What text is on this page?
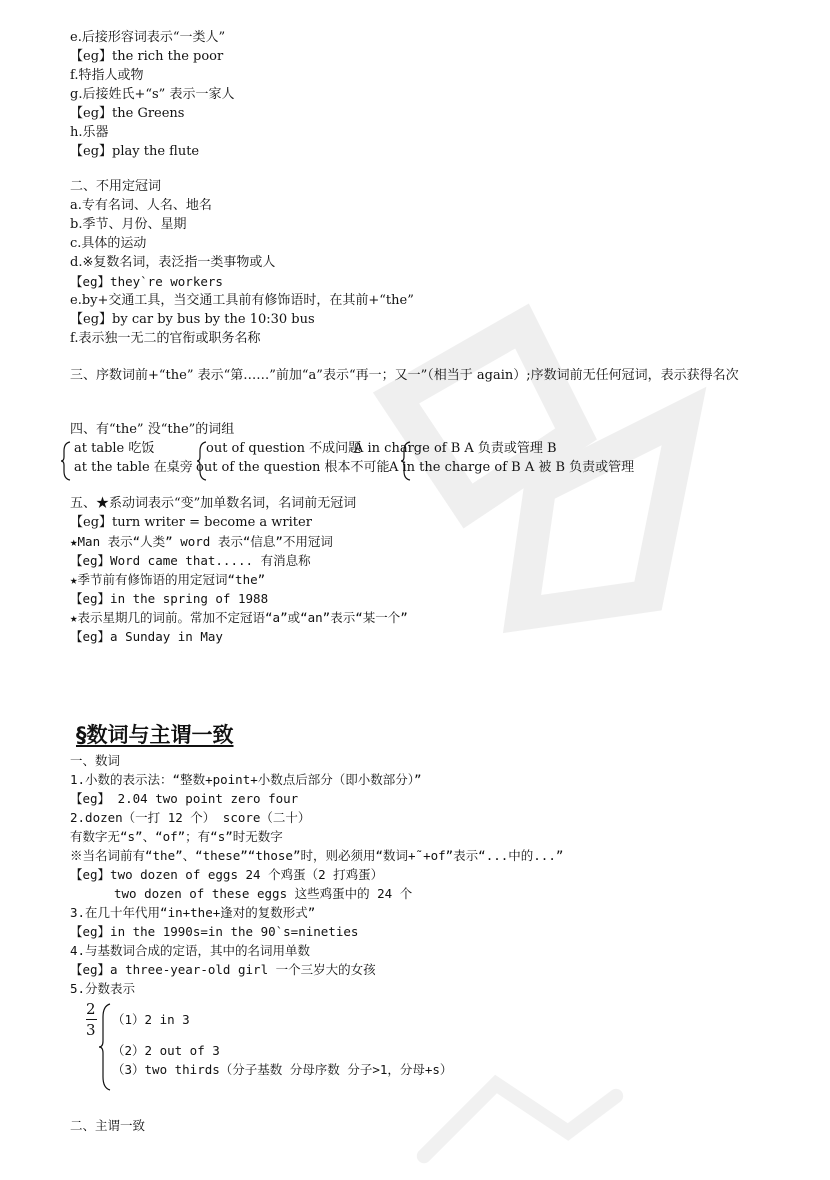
e.后接形容词表示“一类人”
【eg】the rich the poor
f.特指人或物
g.后接姓氏+“s” 表示一家人
【eg】the Greens
h.乐器
【eg】play the flute
二、不用定冠词
a.专有名词、人名、地名
b.季节、月份、星期
c.具体的运动
d.※复数名词，表泛指一类事物或人
【eg】they`re workers
e.by+交通工具，当交通工具前有修饰语时，在其前+“the”
【eg】by car by bus by the 10:30 bus
f.表示独一无二的官衔或职务名称
三、序数词前+“the” 表示“第……”前加“a”表示“再一；又一”（相当于 again）;序数词前无任何冠词，表示获得名次
四、有“the” 没“the”的词组
at table 吃饭	out of question 不成问题
A in charge of B A 负责或管理 B
at the table 在桌旁 out of the question 根本不可能 A in the charge of B A 被 B 负责或管理
五、★系动词表示“变”加单数名词，名词前无冠词
【eg】turn writer = become a writer
★Man 表示“人类” word 表示“信息”不用冠词
【eg】Word came that..... 有消息称
★季节前有修饰语的用定冠词“the”
【eg】in the spring of 1988
★表示星期几的词前。常加不定冠语“a”或“an”表示“某一个”
【eg】a Sunday in May
§数词与主谓一致
一、数词
1.小数的表示法：“整数+point+小数点后部分（即小数部分）”
【eg】 2.04 two point zero four
2.dozen（一打 12 个） score（二十）
有数字无“s”、“of”；有“s”时无数字
※当名词前有“the”、“these”“those”时，则必须用“数词+˜+of”表示“...中的...”
【eg】two dozen of eggs 24 个鸡蛋（2 打鸡蛋）
two dozen of these eggs 这些鸡蛋中的 24 个
3.在几十年代用“in+the+逢对的复数形式”
【eg】in the 1990s=in the 90`s=nineties
4.与基数词合成的定语，其中的名词用单数
【eg】a three-year-old girl 一个三岁大的女孩
5.分数表示
2
3
（1）2 in 3
（2）2 out of 3
（3）two thirds（分子基数 分母序数 分子>1，分母+s）
二、主谓一致
